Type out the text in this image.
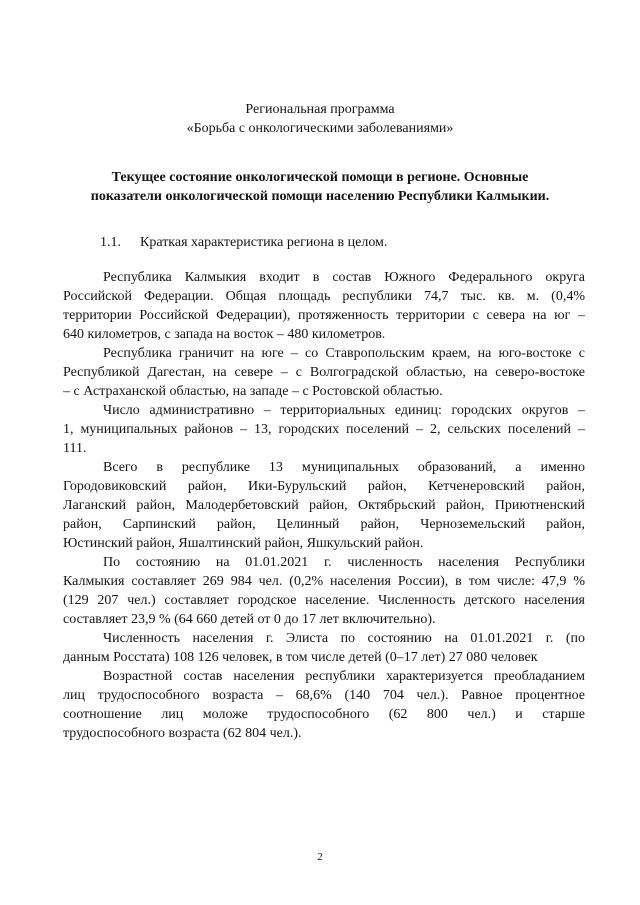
Региональная программа
«Борьба с онкологическими заболеваниями»
Текущее состояние онкологической помощи в регионе. Основные
показатели онкологической помощи населению Республики Калмыкии.
1.1. Краткая характеристика региона в целом.
Республика Калмыкия входит в состав Южного Федерального округа
Российской Федерации. Общая площадь республики 74,7 тыс. кв. м. (0,4%
территории Российской Федерации), протяженность территории с севера на юг –
640 километров, с запада на восток – 480 километров.
Республика граничит на юге – со Ставропольским краем, на юго-востоке с
Республикой Дагестан, на севере – с Волгоградской областью, на северо-востоке
– с Астраханской областью, на западе – с Ростовской областью.
Число административно – территориальных единиц: городских округов –
1, муниципальных районов – 13, городских поселений – 2, сельских поселений –
111.
Всего в республике 13 муниципальных образований, а именно
Городовиковский район, Ики-Бурульский район, Кетченеровский район,
Лаганский район, Малодербетовский район, Октябрьский район, Приютненский
район, Сарпинский район, Целинный район, Черноземельский район,
Юстинский район, Яшалтинский район, Яшкульский район.
По состоянию на 01.01.2021 г. численность населения Республики
Калмыкия составляет 269 984 чел. (0,2% населения России), в том числе: 47,9 %
(129 207 чел.) составляет городское население. Численность детского населения
составляет 23,9 % (64 660 детей от 0 до 17 лет включительно).
Численность населения г. Элиста по состоянию на 01.01.2021 г. (по
данным Росстата) 108 126 человек, в том числе детей (0–17 лет) 27 080 человек
Возрастной состав населения республики характеризуется преобладанием
лиц трудоспособного возраста – 68,6% (140 704 чел.). Равное процентное
соотношение лиц моложе трудоспособного (62 800 чел.) и старше
трудоспособного возраста (62 804 чел.).
2
